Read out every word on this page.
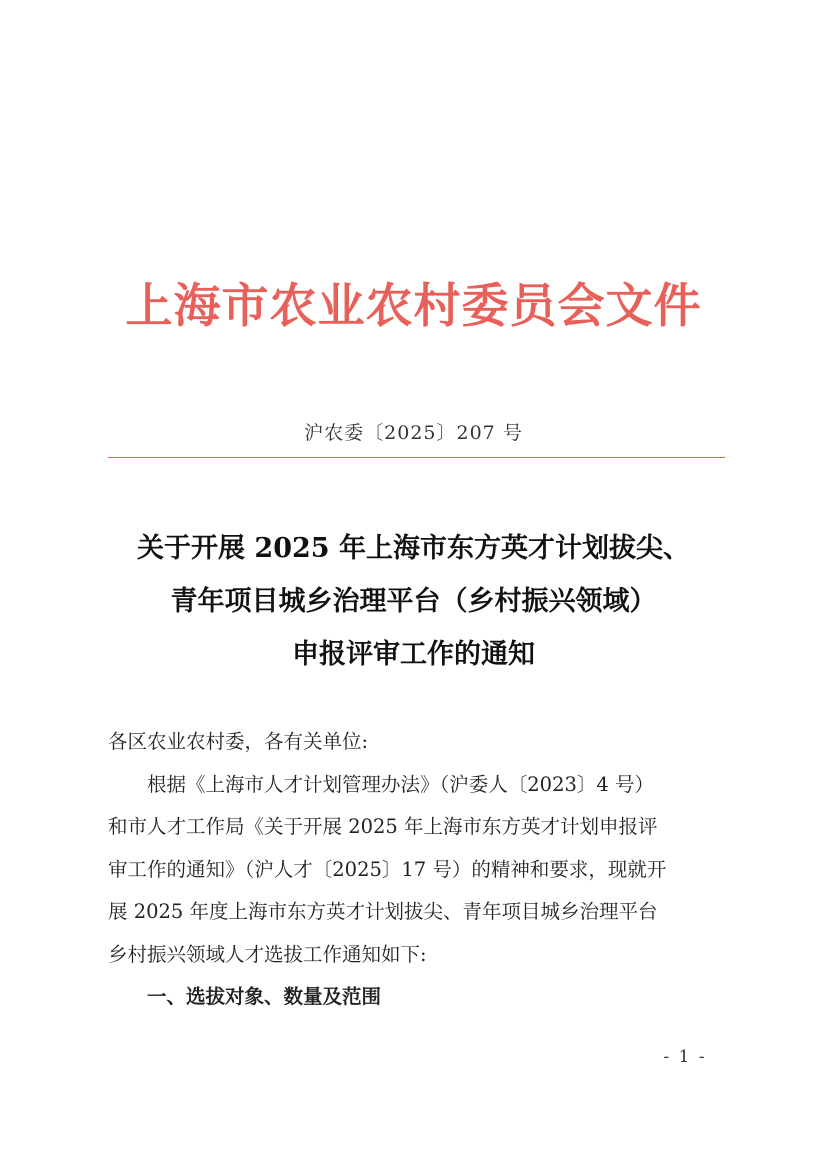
上海市农业农村委员会文件
沪农委〔2025〕207 号
关于开展 2025 年上海市东方英才计划拔尖、
青年项目城乡治理平台（乡村振兴领域）
申报评审工作的通知
各区农业农村委，各有关单位:
根据《上海市人才计划管理办法》（沪委人〔2023〕4 号）
和市人才工作局《关于开展 2025 年上海市东方英才计划申报评
审工作的通知》（沪人才〔2025〕17 号）的精神和要求，现就开
展 2025 年度上海市东方英才计划拔尖、青年项目城乡治理平台
乡村振兴领域人才选拔工作通知如下:
一、选拔对象、数量及范围
- 1 -
